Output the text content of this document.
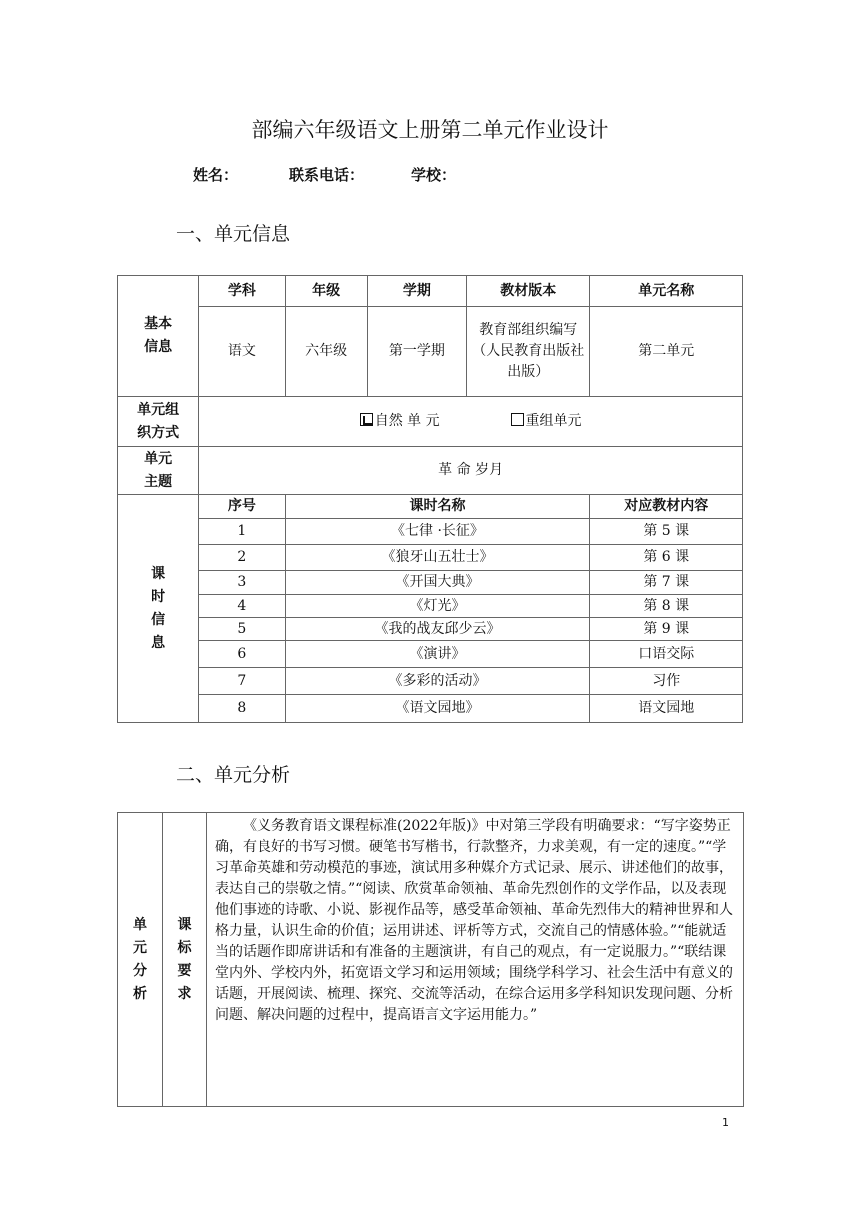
部编六年级语文上册第二单元作业设计
姓名：	联系电话：	学校：
一、单元信息
基本
信息	学科	年级	学期	教材版本	单元名称
	语文	六年级	第一学期	教育部组织编写（人民教育出版社出版）	第二单元
单元组
织方式	自然 单 元 重组单元				
单元
主题	革 命 岁月				
课
时
信
息	序号	课时名称			对应教材内容
	1	《七律 ·长征》			第 5 课
	2	《狼牙山五壮士》			第 6 课
	3	《开国大典》			第 7 课
	4	《灯光》			第 8 课
	5	《我的战友邱少云》			第 9 课
	6	《演讲》			口语交际
	7	《多彩的活动》			习作
	8	《语文园地》			语文园地
二、单元分析
单
元
分
析	课
标
要
求	《义务教育语文课程标准(2022年版)》中对第三学段有明确要求：“写字姿势正确，有良好的书写习惯。硬笔书写楷书，行款整齐，力求美观，有一定的速度。”“学习革命英雄和劳动模范的事迹，演试用多种媒介方式记录、展示、讲述他们的故事，表达自己的崇敬之情。”“阅读、欣赏革命领袖、革命先烈创作的文学作品，以及表现他们事迹的诗歌、小说、影视作品等，感受革命领袖、革命先烈伟大的精神世界和人格力量，认识生命的价值；运用讲述、评析等方式，交流自己的情感体验。”“能就适当的话题作即席讲话和有准备的主题演讲，有自己的观点，有一定说服力。”“联结课堂内外、学校内外，拓宽语文学习和运用领域；围绕学科学习、社会生活中有意义的话题，开展阅读、梳理、探究、交流等活动，在综合运用多学科知识发现问题、分析问题、解决问题的过程中，提高语言文字运用能力。”
1
